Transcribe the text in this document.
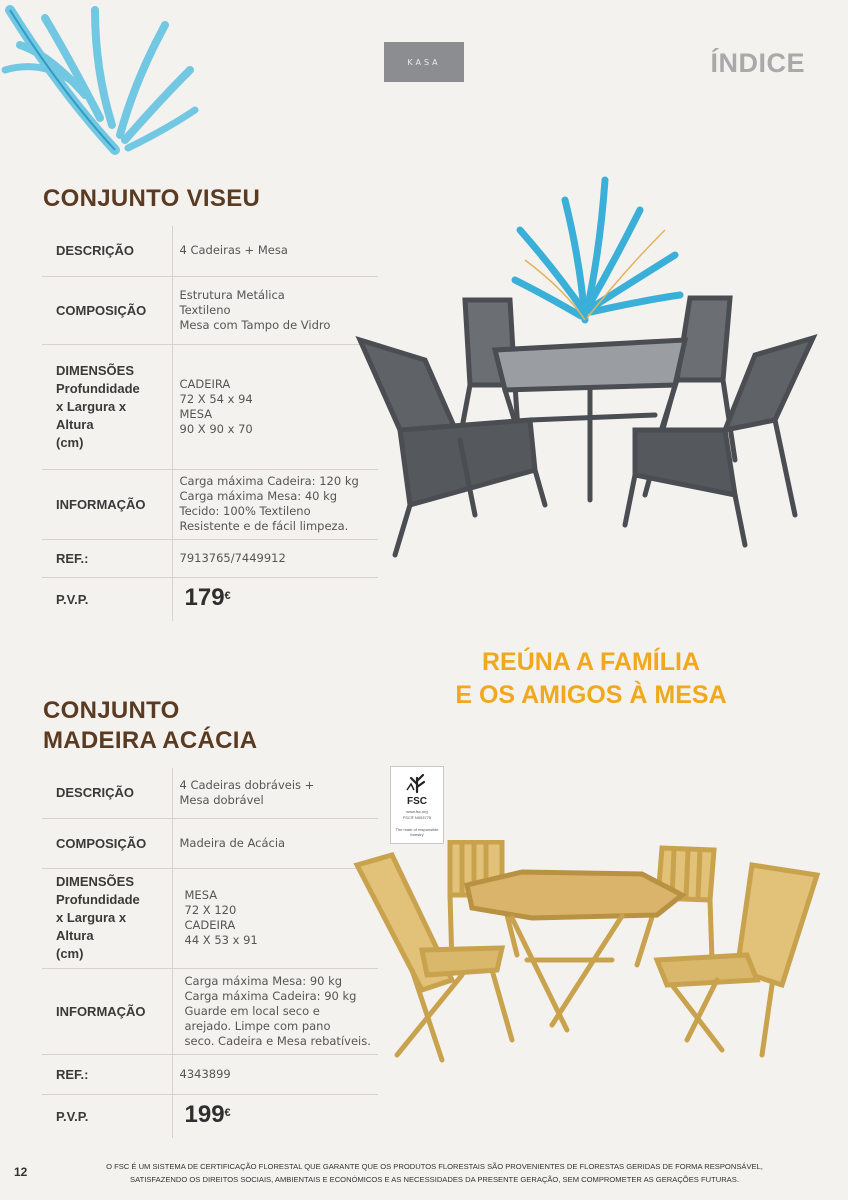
KASA	ÍNDICE
CONJUNTO VISEU
DESCRIÇÃO	4 Cadeiras + Mesa

COMPOSIÇÃO	Estrutura Metálica
Textileno
Mesa com Tampo de Vidro

DIMENSÕES
Profundidade
x Largura x
Altura
(cm)	CADEIRA
72 X 54 x 94
MESA
90 X 90 x 70

INFORMAÇÃO	Carga máxima Cadeira: 120 kg
Carga máxima Mesa: 40 kg
Tecido: 100% Textileno
Resistente e de fácil limpeza.

REF.:	7913765/7449912

P.V.P.	179€
REÚNA A FAMÍLIA
E OS AMIGOS À MESA
CONJUNTO
MADEIRA ACÁCIA
DESCRIÇÃO	4 Cadeiras dobráveis +
Mesa dobrável

COMPOSIÇÃO	Madeira de Acácia

DIMENSÕES
Profundidade
x Largura x
Altura
(cm)	MESA
72 X 120
CADEIRA
44 X 53 x 91

INFORMAÇÃO	Carga máxima Mesa: 90 kg
Carga máxima Cadeira: 90 kg
Guarde em local seco e
arejado. Limpe com pano
seco. Cadeira e Mesa rebatíveis.

REF.:	4343899

P.V.P.	199€
FSC
www.fsc.org
FSC® N003775
The mark of responsible forestry
12	O FSC É UM SISTEMA DE CERTIFICAÇÃO FLORESTAL QUE GARANTE QUE OS PRODUTOS FLORESTAIS SÃO PROVENIENTES DE FLORESTAS GERIDAS DE FORMA RESPONSÁVEL,
SATISFAZENDO OS DIREITOS SOCIAIS, AMBIENTAIS E ECONÓMICOS E AS NECESSIDADES DA PRESENTE GERAÇÃO, SEM COMPROMETER AS GERAÇÕES FUTURAS.
